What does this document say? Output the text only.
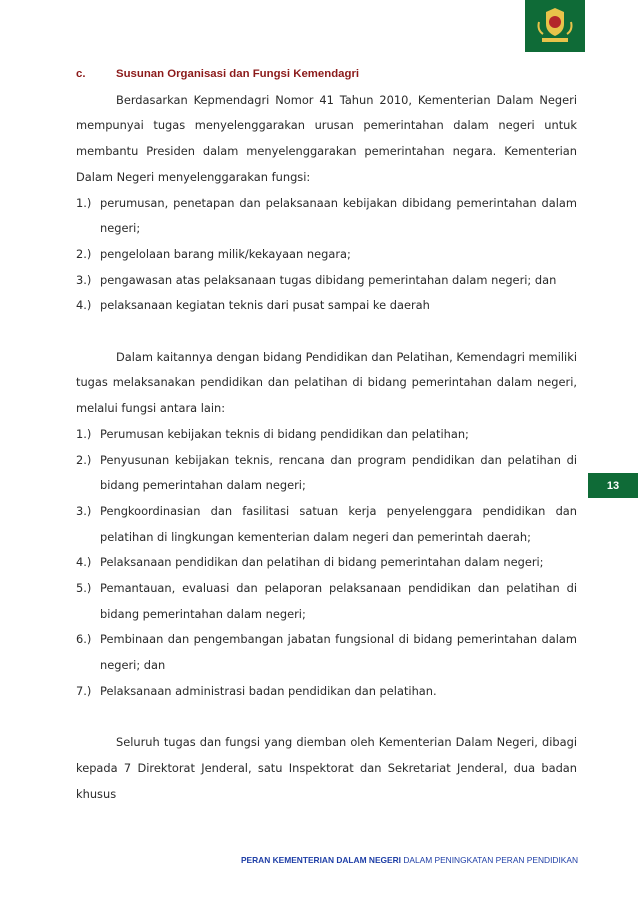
13
c.	Susunan Organisasi dan Fungsi Kemendagri

Berdasarkan Kepmendagri Nomor 41 Tahun 2010, Kementerian Dalam Negeri mempunyai tugas menyelenggarakan urusan pemerintahan dalam negeri untuk membantu Presiden dalam menyelenggarakan pemerintahan negara. Kementerian Dalam Negeri menyelenggarakan fungsi:

1.) perumusan, penetapan dan pelaksanaan kebijakan dibidang pemerintahan dalam negeri;
2.) pengelolaan barang milik/kekayaan negara;
3.) pengawasan atas pelaksanaan tugas dibidang pemerintahan dalam negeri; dan
4.) pelaksanaan kegiatan teknis dari pusat sampai ke daerah

Dalam kaitannya dengan bidang Pendidikan dan Pelatihan, Kemendagri memiliki tugas melaksanakan pendidikan dan pelatihan di bidang pemerintahan dalam negeri, melalui fungsi antara lain:

1.) Perumusan kebijakan teknis di bidang pendidikan dan pelatihan;
2.) Penyusunan kebijakan teknis, rencana dan program pendidikan dan pelatihan di bidang pemerintahan dalam negeri;
3.) Pengkoordinasian dan fasilitasi satuan kerja penyelenggara pendidikan dan pelatihan di lingkungan kementerian dalam negeri dan pemerintah daerah;
4.) Pelaksanaan pendidikan dan pelatihan di bidang pemerintahan dalam negeri;
5.) Pemantauan, evaluasi dan pelaporan pelaksanaan pendidikan dan pelatihan di bidang pemerintahan dalam negeri;
6.) Pembinaan dan pengembangan jabatan fungsional di bidang pemerintahan dalam negeri; dan
7.) Pelaksanaan administrasi badan pendidikan dan pelatihan.

Seluruh tugas dan fungsi yang diemban oleh Kementerian Dalam Negeri, dibagi kepada 7 Direktorat Jenderal, satu Inspektorat dan Sekretariat Jenderal, dua badan khusus

PERAN KEMENTERIAN DALAM NEGERI DALAM PENINGKATAN PERAN PENDIDIKAN
